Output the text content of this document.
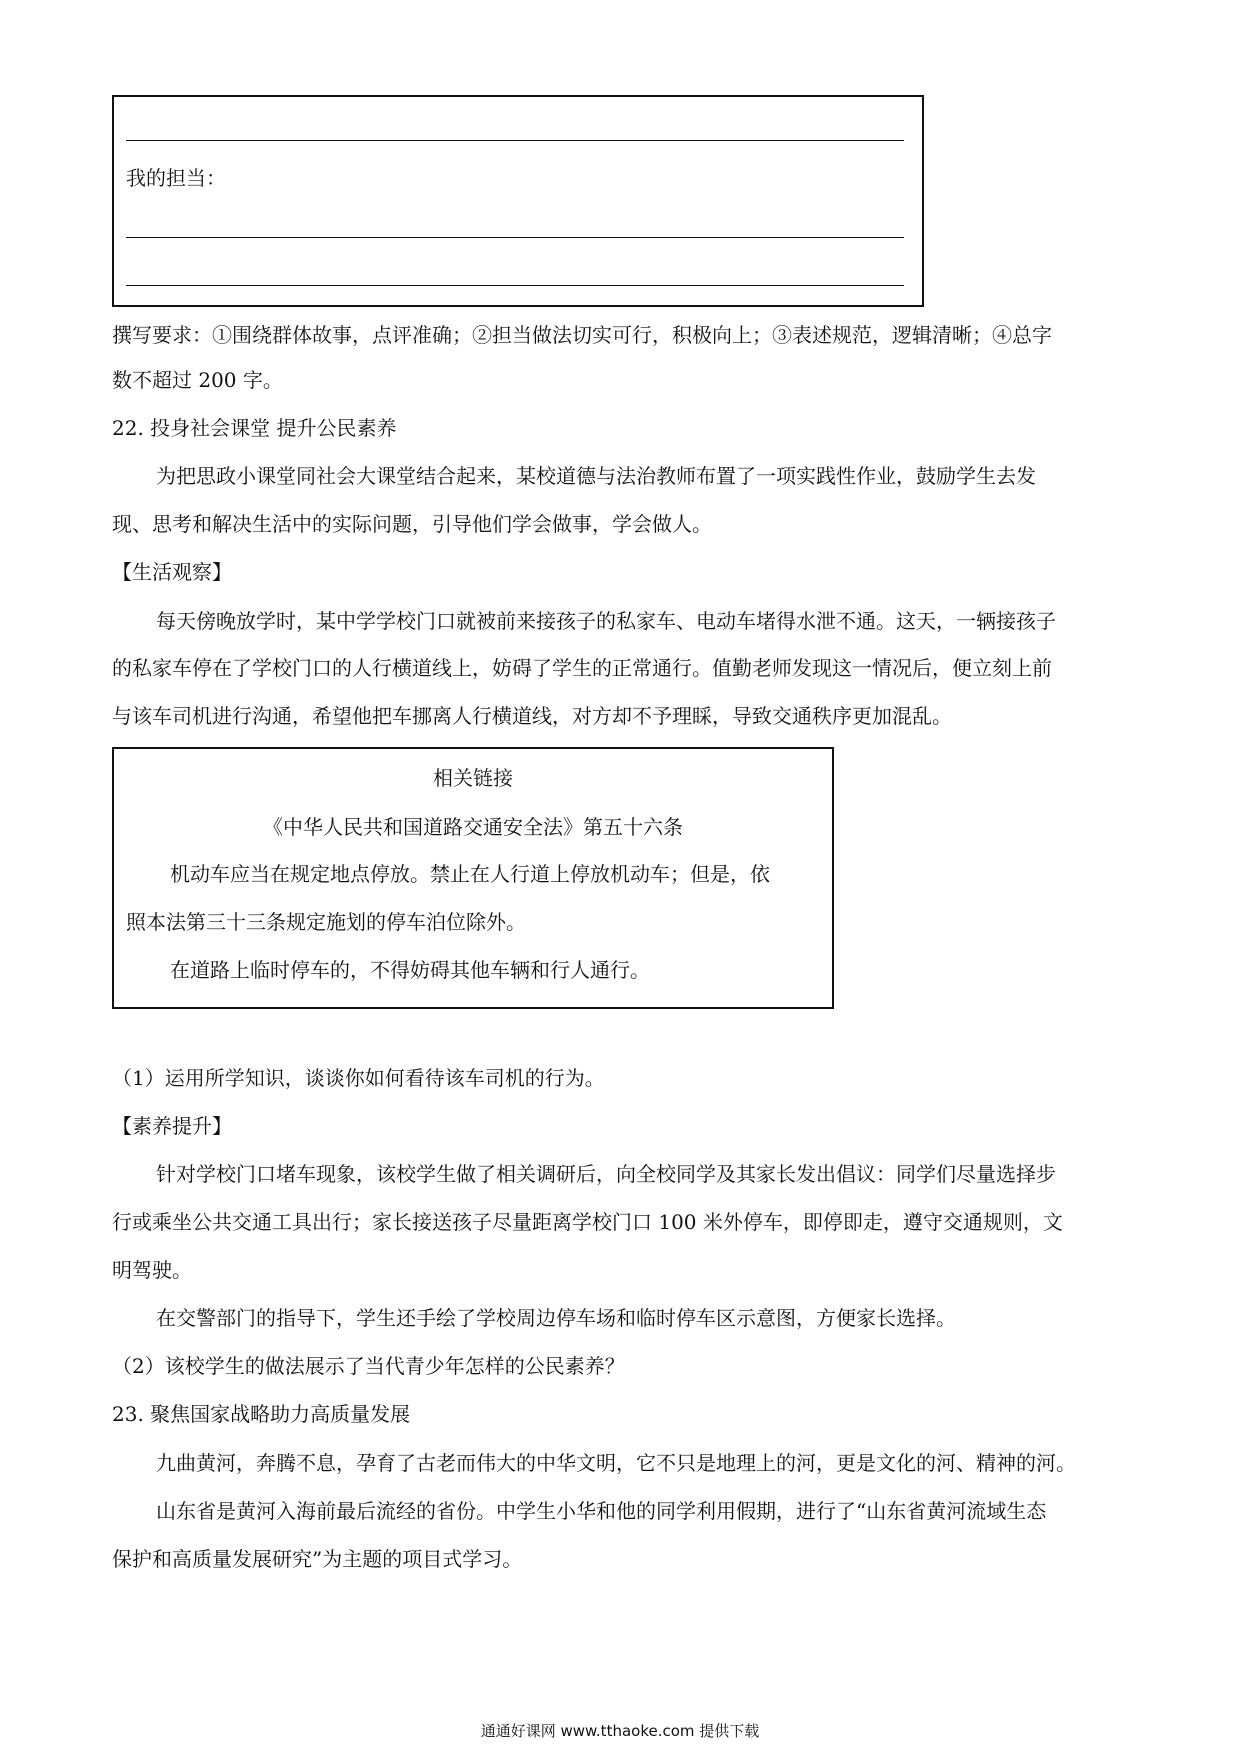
我的担当：
撰写要求：①围绕群体故事，点评准确；②担当做法切实可行，积极向上；③表述规范，逻辑清晰；④总字
数不超过 200 字。
22. 投身社会课堂 提升公民素养
为把思政小课堂同社会大课堂结合起来，某校道德与法治教师布置了一项实践性作业，鼓励学生去发
现、思考和解决生活中的实际问题，引导他们学会做事，学会做人。
【生活观察】
每天傍晚放学时，某中学学校门口就被前来接孩子的私家车、电动车堵得水泄不通。这天，一辆接孩子
的私家车停在了学校门口的人行横道线上，妨碍了学生的正常通行。值勤老师发现这一情况后，便立刻上前
与该车司机进行沟通，希望他把车挪离人行横道线，对方却不予理睬，导致交通秩序更加混乱。
相关链接
《中华人民共和国道路交通安全法》第五十六条
机动车应当在规定地点停放。禁止在人行道上停放机动车；但是，依
照本法第三十三条规定施划的停车泊位除外。
在道路上临时停车的，不得妨碍其他车辆和行人通行。
（1）运用所学知识，谈谈你如何看待该车司机的行为。
【素养提升】
针对学校门口堵车现象，该校学生做了相关调研后，向全校同学及其家长发出倡议：同学们尽量选择步
行或乘坐公共交通工具出行；家长接送孩子尽量距离学校门口 100 米外停车，即停即走，遵守交通规则，文
明驾驶。
在交警部门的指导下，学生还手绘了学校周边停车场和临时停车区示意图，方便家长选择。
（2）该校学生的做法展示了当代青少年怎样的公民素养？
23. 聚焦国家战略助力高质量发展
九曲黄河，奔腾不息，孕育了古老而伟大的中华文明，它不只是地理上的河，更是文化的河、精神的河。
山东省是黄河入海前最后流经的省份。中学生小华和他的同学利用假期，进行了“山东省黄河流域生态
保护和高质量发展研究”为主题的项目式学习。
通通好课网 www.tthaoke.com 提供下载
